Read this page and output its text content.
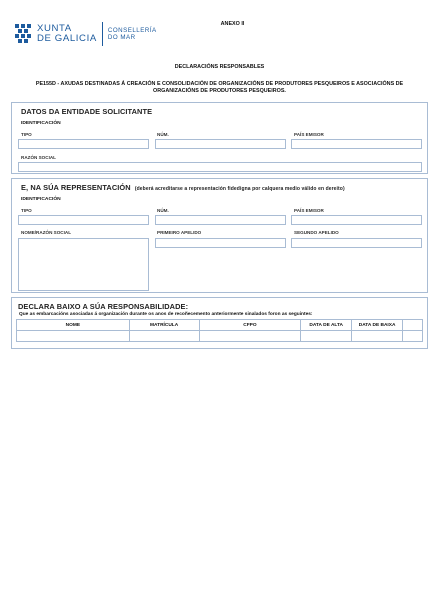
XUNTA
DE GALICIA
CONSELLERÍA
DO MAR
ANEXO II
DECLARACIÓNS RESPONSABLES
PE155D - AXUDAS DESTINADAS Á CREACIÓN E CONSOLIDACIÓN DE ORGANIZACIÓNS DE PRODUTORES PESQUEIROS E ASOCIACIÓNS DE
ORGANIZACIÓNS DE PRODUTORES PESQUEIROS.
DATOS DA ENTIDADE SOLICITANTE
IDENTIFICACIÓN
TIPO	NÚM.	PAÍS EMISOR
RAZÓN SOCIAL
E, NA SÚA REPRESENTACIÓN (deberá acreditarse a representación fidedigna por calquera medio válido en dereito)
IDENTIFICACIÓN
TIPO	NÚM.	PAÍS EMISOR
NOME/RAZÓN SOCIAL	PRIMEIRO APELIDO	SEGUNDO APELIDO
DECLARA BAIXO A SÚA RESPONSABILIDADE:
Que as embarcacións asociadas á organización durante os anos de recoñecemento anteriormente sinalados foron as seguintes:
NOME	MATRÍCULA	CFPO	DATA DE ALTA	DATA DE BAIXA	
